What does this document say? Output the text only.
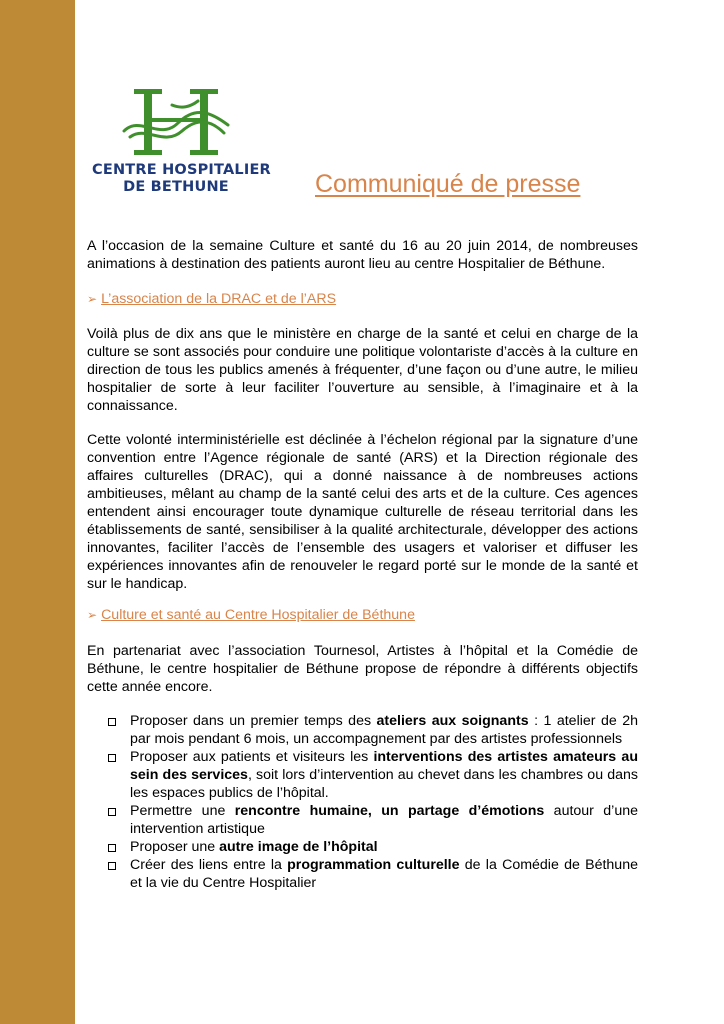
CENTRE HOSPITALIER
DE BETHUNE	Communiqué de presse
A l’occasion de la semaine Culture et santé du 16 au 20 juin 2014, de nombreuses animations à destination des patients auront lieu au centre Hospitalier de Béthune.
➢ L’association de la DRAC et de l’ARS
Voilà plus de dix ans que le ministère en charge de la santé et celui en charge de la culture se sont associés pour conduire une politique volontariste d’accès à la culture en direction de tous les publics amenés à fréquenter, d’une façon ou d’une autre, le milieu hospitalier de sorte à leur faciliter l’ouverture au sensible, à l’imaginaire et à la connaissance.
Cette volonté interministérielle est déclinée à l’échelon régional par la signature d’une convention entre l’Agence régionale de santé (ARS) et la Direction régionale des affaires culturelles (DRAC), qui a donné naissance à de nombreuses actions ambitieuses, mêlant au champ de la santé celui des arts et de la culture. Ces agences entendent ainsi encourager toute dynamique culturelle de réseau territorial dans les établissements de santé, sensibiliser à la qualité architecturale, développer des actions innovantes, faciliter l’accès de l’ensemble des usagers et valoriser et diffuser les expériences innovantes afin de renouveler le regard porté sur le monde de la santé et sur le handicap.
➢ Culture et santé au Centre Hospitalier de Béthune
En partenariat avec l’association Tournesol, Artistes à l’hôpital et la Comédie de Béthune, le centre hospitalier de Béthune propose de répondre à différents objectifs cette année encore.
Proposer dans un premier temps des ateliers aux soignants : 1 atelier de 2h par mois pendant 6 mois, un accompagnement par des artistes professionnels
Proposer aux patients et visiteurs les interventions des artistes amateurs au sein des services, soit lors d’intervention au chevet dans les chambres ou dans les espaces publics de l’hôpital.
Permettre une rencontre humaine, un partage d’émotions autour d’une intervention artistique
Proposer une autre image de l’hôpital
Créer des liens entre la programmation culturelle de la Comédie de Béthune et la vie du Centre Hospitalier
